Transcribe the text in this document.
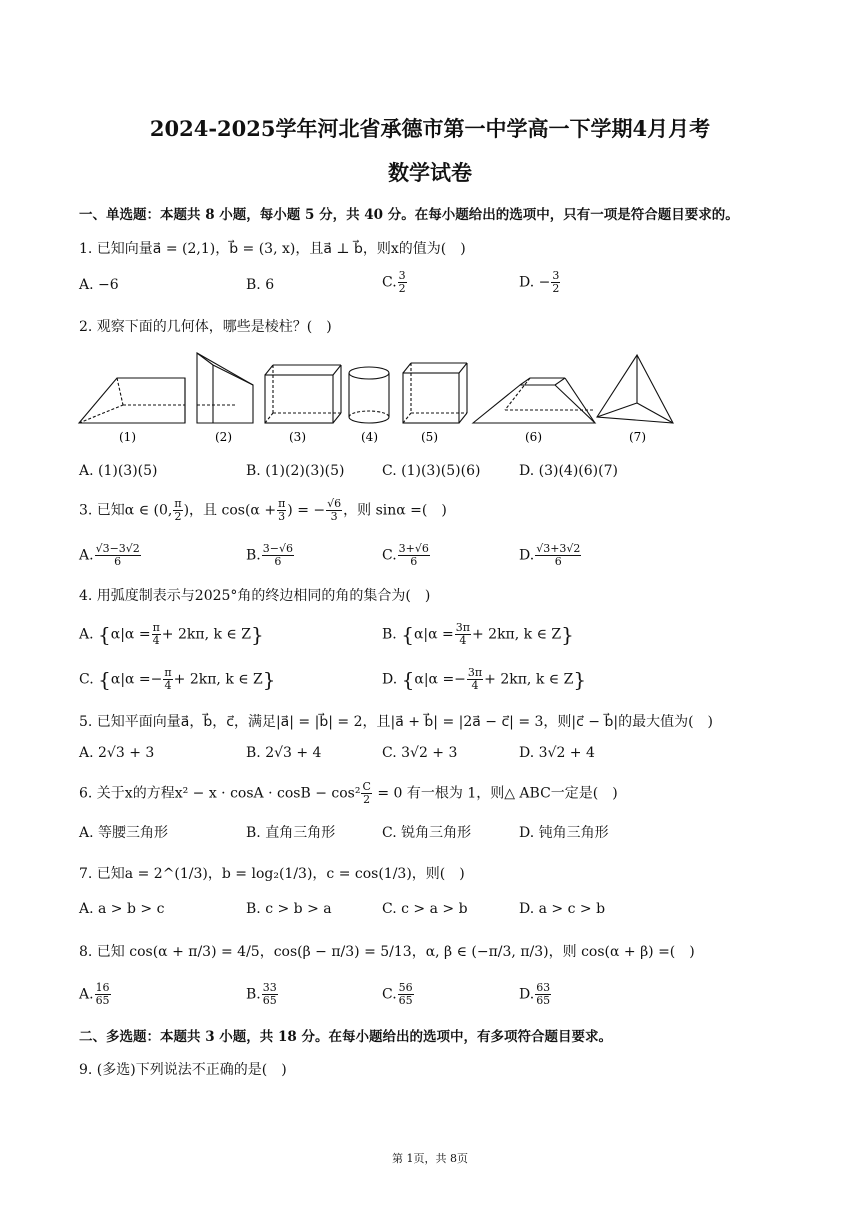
2024-2025学年河北省承德市第一中学高一下学期4月月考
数学试卷
一、单选题：本题共 8 小题，每小题 5 分，共 40 分。在每小题给出的选项中，只有一项是符合题目要求的。
1. 已知向量a⃗ = (2,1)，b⃗ = (3, x)，且a⃗ ⊥ b⃗，则x的值为(　)
A. −6	B. 6	C. $\frac{3}{2}$	D. − $\frac{3}{2}$
2. 观察下面的几何体，哪些是棱柱？(　)
(1)	(2)	(3)	(4)	(5)	(6)	(7)
A. (1)(3)(5)	B. (1)(2)(3)(5)	C. (1)(3)(5)(6)	D. (3)(4)(6)(7)
3. 已知α ∈ (0, $\frac{\pi}{2}$ )，且 $\cos(\alpha + \frac{\pi}{3}$ ) = − $\frac{√6}{3}$ ，则 sinα =(　)
A. $\frac{√3-3√2}{6}$	B. $\frac{3-√6}{6}$	C. $\frac{3+√6}{6}$	D. $\frac{√3+3√2}{6}$
4. 用弧度制表示与2025°角的终边相同的角的集合为(　)
A. {$\alpha|\alpha = \frac{\pi}{4} + 2k\pi$, k ∈ Z}	B. {$\alpha|\alpha = \frac{3\pi}{4} + 2k\pi$, k ∈ Z}
C. {$\alpha|\alpha =- \frac{\pi}{4} + 2k\pi$, k ∈ Z}	D. {$\alpha|\alpha =- \frac{3\pi}{4} + 2k\pi$, k ∈ Z}
5. 已知平面向量a⃗，b⃗，c⃗，满足|a⃗| = |b⃗| = 2，且|a⃗ + b⃗| = |2a⃗ − c⃗| = 3，则|c⃗ − b⃗|的最大值为(　)
A. 2√3 + 3	B. 2√3 + 4	C. 3√2 + 3	D. 3√2 + 4
6. 关于x的方程$x^2 - x \cdot \cos A \cdot \cos B - \cos^2 \frac{C}{2} = 0$ 有一根为 1，则△ ABC一定是(　)
A. 等腰三角形	B. 直角三角形	C. 锐角三角形	D. 钝角三角形
7. 已知a = 2^(1/3)，b = log₂(1/3)，c = cos(1/3)，则(　)
A. a > b > c	B. c > b > a	C. c > a > b	D. a > c > b
8. 已知 cos(α + π/3) = 4/5，cos(β − π/3) = 5/13，α, β ∈ (−π/3, π/3)，则 cos(α + β) =(　)
A. $\frac{16}{65}$	B. $\frac{33}{65}$	C. $\frac{56}{65}$	D. $\frac{63}{65}$
二、多选题：本题共 3 小题，共 18 分。在每小题给出的选项中，有多项符合题目要求。
9. (多选)下列说法不正确的是(　)
第 1页，共 8页
